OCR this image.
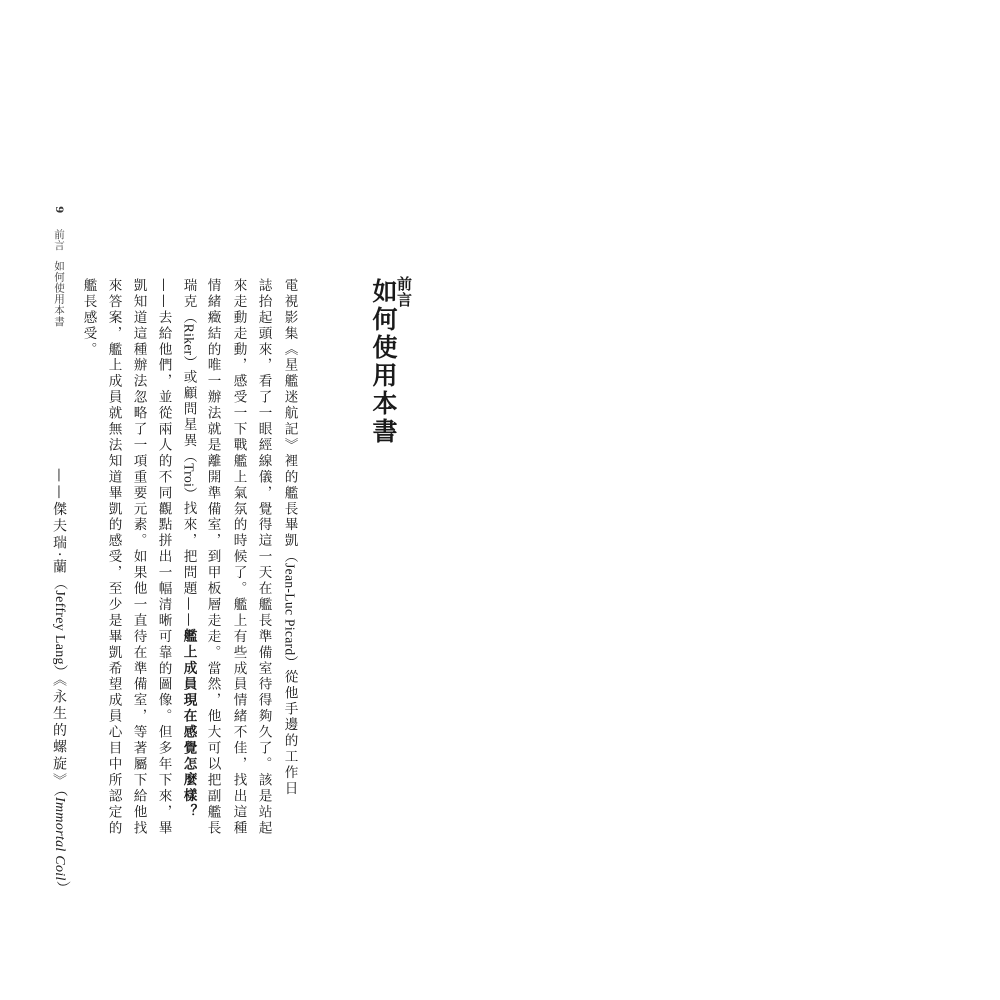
9 前言 如何使用本書	前言
如何使用本書
電視影集《星艦迷航記》裡的艦長畢凱（Jean-Luc Picard）從他手邊的工作日
誌抬起頭來，看了一眼經線儀，覺得這一天在艦長準備室待得夠久了。該是站起
來走動走動，感受一下戰艦上氣氛的時候了。艦上有些成員情緒不佳，找出這種
情緒癥結的唯一辦法就是離開準備室，到甲板層走走。當然，他大可以把副艦長
瑞克（Riker）或顧問星異（Troi）找來，把問題——艦上成員現在感覺怎麼樣？
——去給他們，並從兩人的不同觀點拼出一幅清晰可靠的圖像。但多年下來，畢
凱知道這種辦法忽略了一項重要元素。如果他一直待在準備室，等著屬下給他找
來答案，艦上成員就無法知道畢凱的感受，至少是畢凱希望成員心目中所認定的
艦長感受。
——傑夫瑞·蘭（Jeffrey Lang）《永生的螺旋》（Immortal Coil）
